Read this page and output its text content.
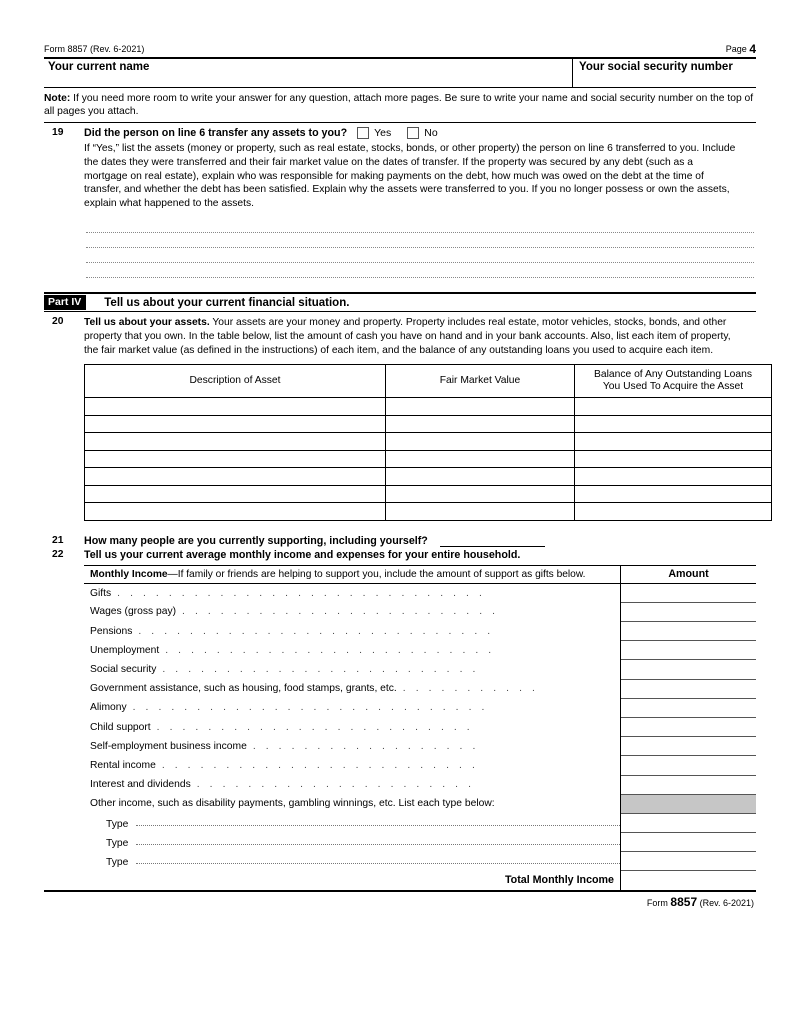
Form 8857 (Rev. 6-2021)	Page 4
Your current name	Your social security number
Note: If you need more room to write your answer for any question, attach more pages. Be sure to write your name and social security number on the top of all pages you attach.
19	Did the person on line 6 transfer any assets to you?	Yes	No
If “Yes,” list the assets (money or property, such as real estate, stocks, bonds, or other property) the person on line 6 transferred to you. Include the dates they were transferred and their fair market value on the dates of transfer. If the property was secured by any debt (such as a mortgage on real estate), explain who was responsible for making payments on the debt, how much was owed on the debt at the time of transfer, and whether the debt has been satisfied. Explain why the assets were transferred to you. If you no longer possess or own the assets, explain what happened to the assets.
Part IV	Tell us about your current financial situation.
20	Tell us about your assets. Your assets are your money and property. Property includes real estate, motor vehicles, stocks, bonds, and other property that you own. In the table below, list the amount of cash you have on hand and in your bank accounts. Also, list each item of property, the fair market value (as defined in the instructions) of each item, and the balance of any outstanding loans you used to acquire each item.
Description of Asset	Fair Market Value	Balance of Any Outstanding Loans
You Used To Acquire the Asset

21	How many people are you currently supporting, including yourself?
22	Tell us your current average monthly income and expenses for your entire household.
Monthly Income—If family or friends are helping to support you, include the amount of support as gifts below.	Amount
Gifts . . . . . . . . . . . . . . . . . . . . . . . . . . . . .	
Wages (gross pay) . . . . . . . . . . . . . . . . . . . . . . . . .	
Pensions . . . . . . . . . . . . . . . . . . . . . . . . . . . .	
Unemployment . . . . . . . . . . . . . . . . . . . . . . . . . .	
Social security . . . . . . . . . . . . . . . . . . . . . . . . .	
Government assistance, such as housing, food stamps, grants, etc. . . . . . . . . . . .	
Alimony . . . . . . . . . . . . . . . . . . . . . . . . . . . .	
Child support . . . . . . . . . . . . . . . . . . . . . . . . .	
Self-employment business income . . . . . . . . . . . . . . . . . .	
Rental income . . . . . . . . . . . . . . . . . . . . . . . . .	
Interest and dividends . . . . . . . . . . . . . . . . . . . . . .	
Other income, such as disability payments, gambling winnings, etc. List each type below:	
Type	
Type	
Type	
Total Monthly Income	
Form 8857 (Rev. 6-2021)
